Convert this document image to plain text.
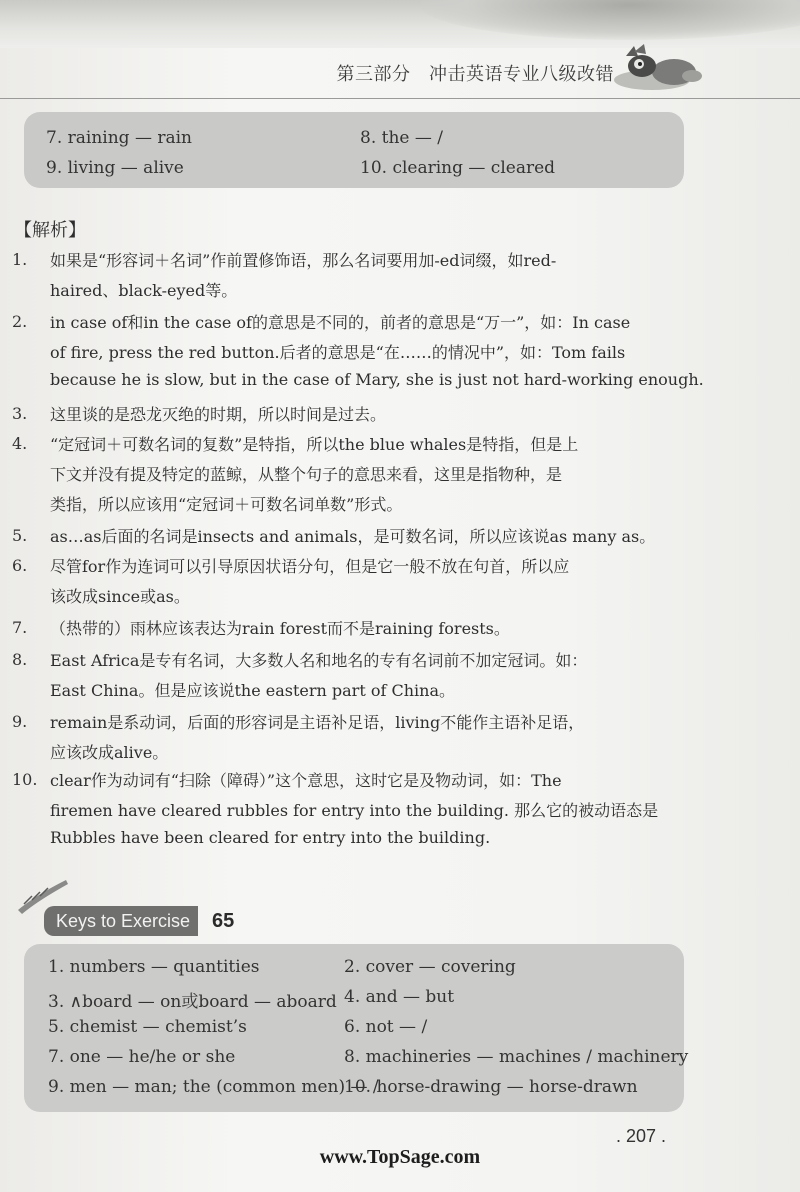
第三部分　冲击英语专业八级改错
7. raining — rain	8. the — /
9. living — alive	10. clearing — cleared
【解析】
1. 如果是“形容词＋名词”作前置修饰语，那么名词要用加-ed词缀，如red-
haired、black-eyed等。
2. in case of和in the case of的意思是不同的，前者的意思是“万一”，如：In case
of fire, press the red button.后者的意思是“在……的情况中”，如：Tom fails
because he is slow, but in the case of Mary, she is just not hard-working enough.
3. 这里谈的是恐龙灭绝的时期，所以时间是过去。
4. “定冠词＋可数名词的复数”是特指，所以the blue whales是特指，但是上
下文并没有提及特定的蓝鲸，从整个句子的意思来看，这里是指物种，是
类指，所以应该用“定冠词＋可数名词单数”形式。
5. as…as后面的名词是insects and animals，是可数名词，所以应该说as many as。
6. 尽管for作为连词可以引导原因状语分句，但是它一般不放在句首，所以应
该改成since或as。
7. （热带的）雨林应该表达为rain forest而不是raining forests。
8. East Africa是专有名词，大多数人名和地名的专有名词前不加定冠词。如：
East China。但是应该说the eastern part of China。
9. remain是系动词，后面的形容词是主语补足语，living不能作主语补足语，
应该改成alive。
10. clear作为动词有“扫除（障碍）”这个意思，这时它是及物动词，如：The
firemen have cleared rubbles for entry into the building. 那么它的被动语态是
Rubbles have been cleared for entry into the building.
Keys to Exercise 65
1. numbers — quantities	2. cover — covering
3. ∧board — on或board — aboard 4. and — but
5. chemist — chemist’s	6. not — /
7. one — he/he or she	8. machineries — machines / machinery
9. men — man; the (common men) — /
10. horse-drawing — horse-drawn
. 207 .
www.TopSage.com
